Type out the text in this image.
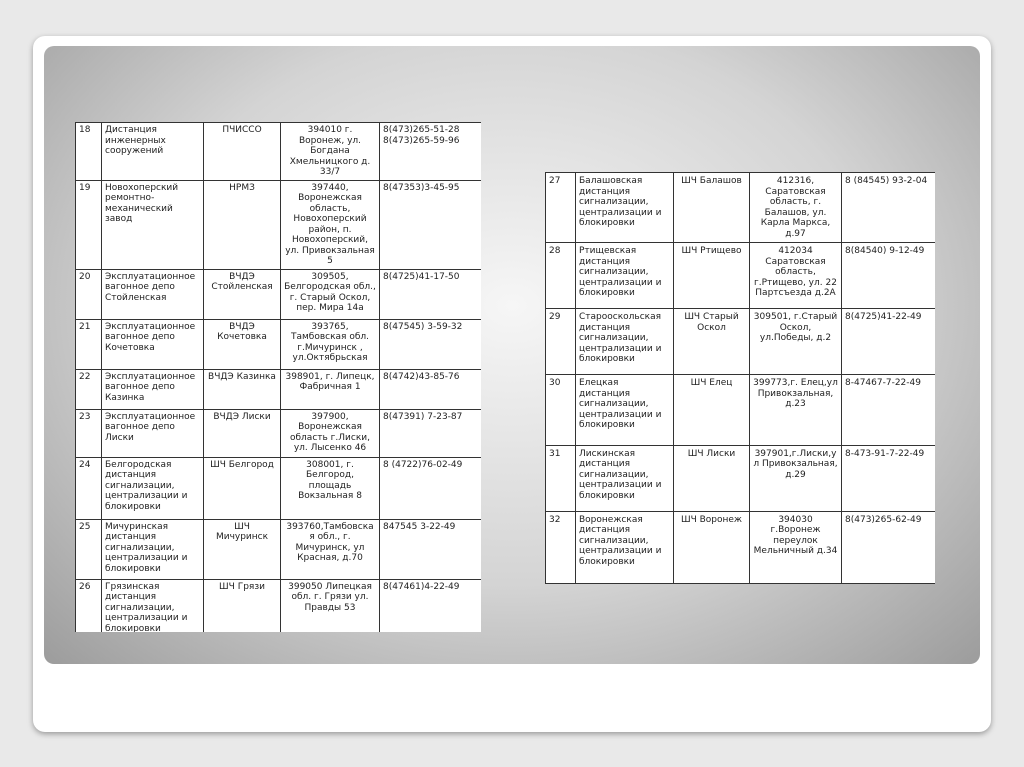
18	Дистанция инженерных сооружений	ПЧИССО	394010 г. Воронеж, ул. Богдана Хмельницкого д. 33/7	8(473)265-51-28 8(473)265-59-96
19	Новохоперский ремонтно-механический завод	НРМЗ	397440, Воронежская область, Новохоперский район, п. Новохоперский, ул. Привокзальная 5	8(47353)3-45-95
20	Эксплуатационное вагонное депо Стойленская	ВЧДЭ Стойленская	309505, Белгородская обл., г. Старый Оскол, пер. Мира 14а	8(4725)41-17-50
21	Эксплуатационное вагонное депо Кочетовка	ВЧДЭ Кочетовка	393765, Тамбовская обл. г.Мичуринск , ул.Октябрьская	8(47545) 3-59-32
22	Эксплуатационное вагонное депо Казинка	ВЧДЭ Казинка	398901, г. Липецк, Фабричная 1	8(4742)43-85-76
23	Эксплуатационное вагонное депо Лиски	ВЧДЭ Лиски	397900, Воронежская область г.Лиски, ул. Лысенко 46	8(47391) 7-23-87
24	Белгородская дистанция сигнализации, централизации и блокировки	ШЧ Белгород	308001, г. Белгород, площадь Вокзальная 8	8 (4722)76-02-49
25	Мичуринская дистанция сигнализации, централизации и блокировки	ШЧ Мичуринск	393760,Тамбовская обл., г. Мичуринск, ул Красная, д.70	847545 3-22-49
26	Грязинская дистанция сигнализации, централизации и блокировки	ШЧ Грязи	399050 Липецкая обл. г. Грязи ул. Правды 53	8(47461)4-22-49
27	Балашовская дистанция сигнализации, централизации и блокировки	ШЧ Балашов	412316, Саратовская область, г. Балашов, ул. Карла Маркса, д.97	8 (84545) 93-2-04
28	Ртищевская дистанция сигнализации, централизации и блокировки	ШЧ Ртищево	412034 Саратовская область, г.Ртищево, ул. 22 Партсъезда д.2А	8(84540) 9-12-49
29	Старооскольская дистанция сигнализации, централизации и блокировки	ШЧ Старый Оскол	309501, г.Старый Оскол, ул.Победы, д.2	8(4725)41-22-49
30	Елецкая дистанция сигнализации, централизации и блокировки	ШЧ Елец	399773,г. Елец,ул Привокзальная, д.23	8-47467-7-22-49
31	Лискинская дистанция сигнализации, централизации и блокировки	ШЧ Лиски	397901,г.Лиски,ул Привокзальная, д.29	8-473-91-7-22-49
32	Воронежская дистанция сигнализации, централизации и блокировки	ШЧ Воронеж	394030 г.Воронеж переулок Мельничный д.34	8(473)265-62-49
